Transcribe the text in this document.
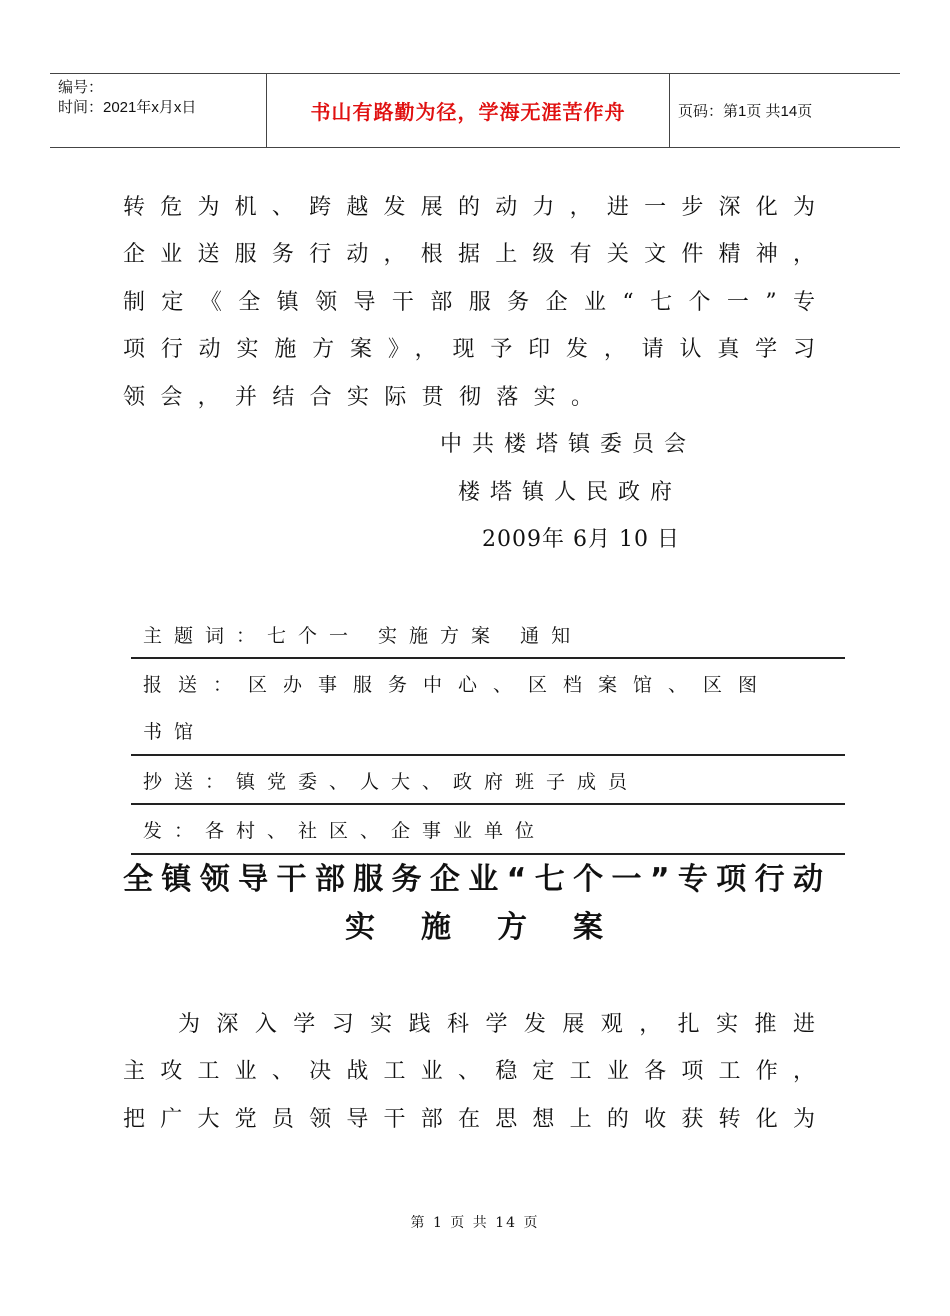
编号：
时间：2021年x月x日	书山有路勤为径，学海无涯苦作舟	页码：第1页 共14页
转危为机、跨越发展的动力，进一步深化为
企业送服务行动，根据上级有关文件精神，
制定《全镇领导干部服务企业“七个一”专
项行动实施方案》，现予印发，请认真学习
领会，并结合实际贯彻落实。
中共楼塔镇委员会
楼塔镇人民政府
2009年 6月 10 日
主题词：七个一 实施方案 通知
报送：区办事服务中心、区档案馆、区图
书馆
抄送：镇党委、人大、政府班子成员
发：各村、社区、企事业单位
全镇领导干部服务企业“七个一”专项行动
实施方案
为深入学习实践科学发展观，扎实推进
主攻工业、决战工业、稳定工业各项工作，
把广大党员领导干部在思想上的收获转化为
第 1 页 共 14 页
